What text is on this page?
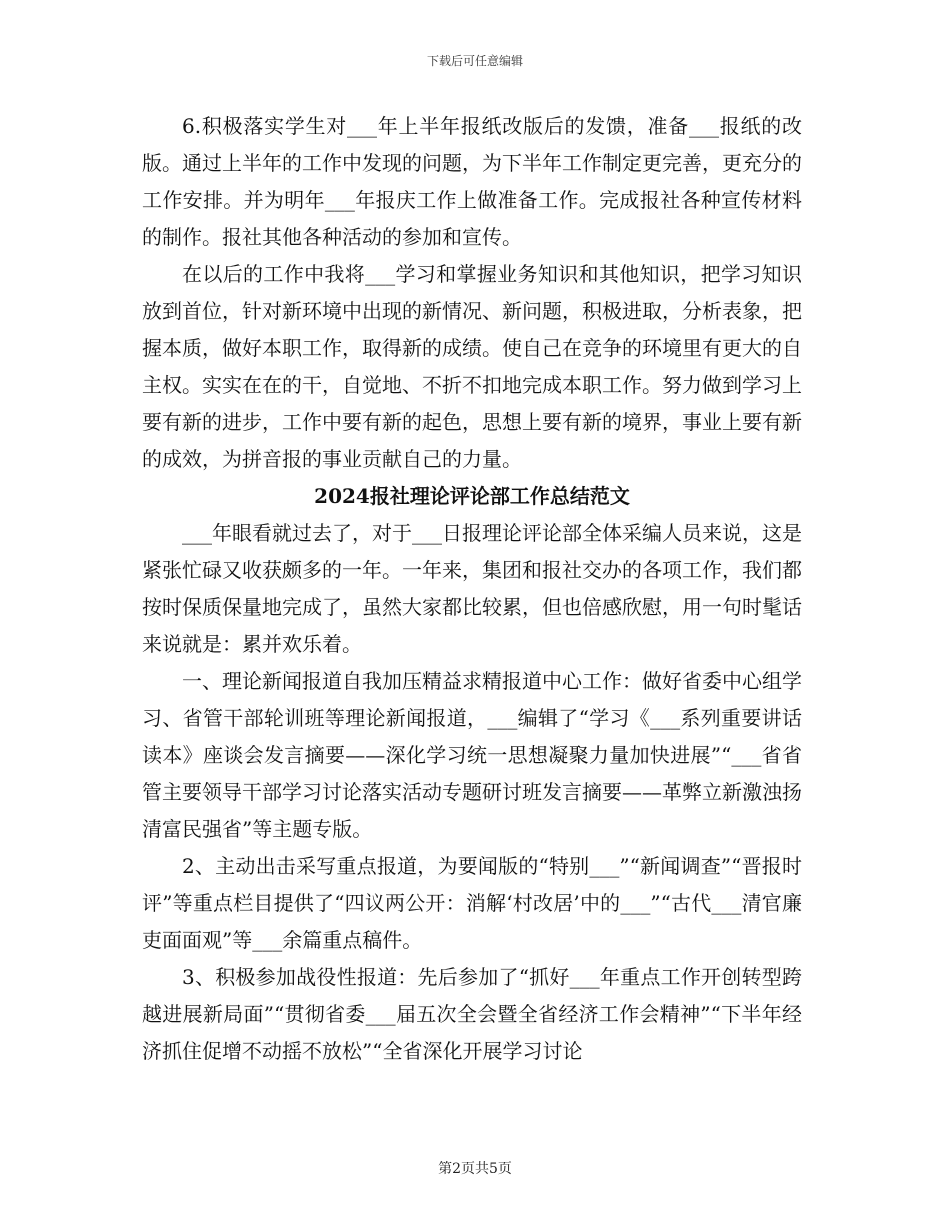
下载后可任意编辑

6.积极落实学生对___年上半年报纸改版后的发馈，准备___报纸的改版。通过上半年的工作中发现的问题，为下半年工作制定更完善，更充分的工作安排。并为明年___年报庆工作上做准备工作。完成报社各种宣传材料的制作。报社其他各种活动的参加和宣传。

在以后的工作中我将___学习和掌握业务知识和其他知识，把学习知识放到首位，针对新环境中出现的新情况、新问题，积极进取，分析表象，把握本质，做好本职工作，取得新的成绩。使自己在竞争的环境里有更大的自主权。实实在在的干，自觉地、不折不扣地完成本职工作。努力做到学习上要有新的进步，工作中要有新的起色，思想上要有新的境界，事业上要有新的成效，为拼音报的事业贡献自己的力量。

2024报社理论评论部工作总结范文

___年眼看就过去了，对于___日报理论评论部全体采编人员来说，这是紧张忙碌又收获颇多的一年。一年来，集团和报社交办的各项工作，我们都按时保质保量地完成了，虽然大家都比较累，但也倍感欣慰，用一句时髦话来说就是：累并欢乐着。

一、理论新闻报道自我加压精益求精报道中心工作：做好省委中心组学习、省管干部轮训班等理论新闻报道，___编辑了“学习《___系列重要讲话读本》座谈会发言摘要——深化学习统一思想凝聚力量加快进展”“___省省管主要领导干部学习讨论落实活动专题研讨班发言摘要——革弊立新激浊扬清富民强省”等主题专版。

2、主动出击采写重点报道，为要闻版的“特别___”“新闻调查”“晋报时评”等重点栏目提供了“四议两公开：消解‘村改居’中的___”“古代___清官廉吏面面观”等___余篇重点稿件。

3、积极参加战役性报道：先后参加了“抓好___年重点工作开创转型跨越进展新局面”“贯彻省委___届五次全会暨全省经济工作会精神”“下半年经济抓住促增不动摇不放松”“全省深化开展学习讨论

第2页共5页
